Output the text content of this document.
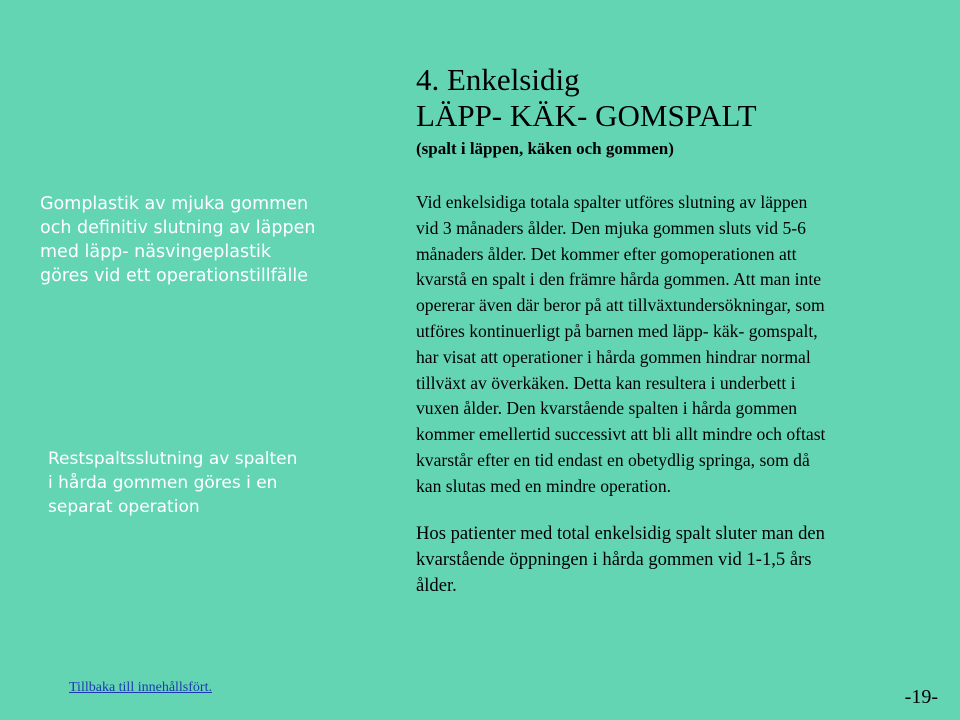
4. Enkelsidig
LÄPP- KÄK- GOMSPALT
(spalt i läppen, käken och gommen)
Gomplastik av mjuka gommen
och definitiv slutning av läppen
med läpp- näsvingeplastik
göres vid ett operationstillfälle
Restspaltsslutning av spalten
i hårda gommen göres i en
separat operation
Vid enkelsidiga totala spalter utföres slutning av läppen
vid 3 månaders ålder. Den mjuka gommen sluts vid 5-6
månaders ålder. Det kommer efter gomoperationen att
kvarstå en spalt i den främre hårda gommen. Att man inte
opererar även där beror på att tillväxtundersökningar, som
utföres kontinuerligt på barnen med läpp- käk- gomspalt,
har visat att operationer i hårda gommen hindrar normal
tillväxt av överkäken. Detta kan resultera i underbett i
vuxen ålder. Den kvarstående spalten i hårda gommen
kommer emellertid successivt att bli allt mindre och oftast
kvarstår efter en tid endast en obetydlig springa, som då
kan slutas med en mindre operation.
Hos patienter med total enkelsidig spalt sluter man den
kvarstående öppningen i hårda gommen vid 1-1,5 års
ålder.
Tillbaka till innehållsfört.	-19-
